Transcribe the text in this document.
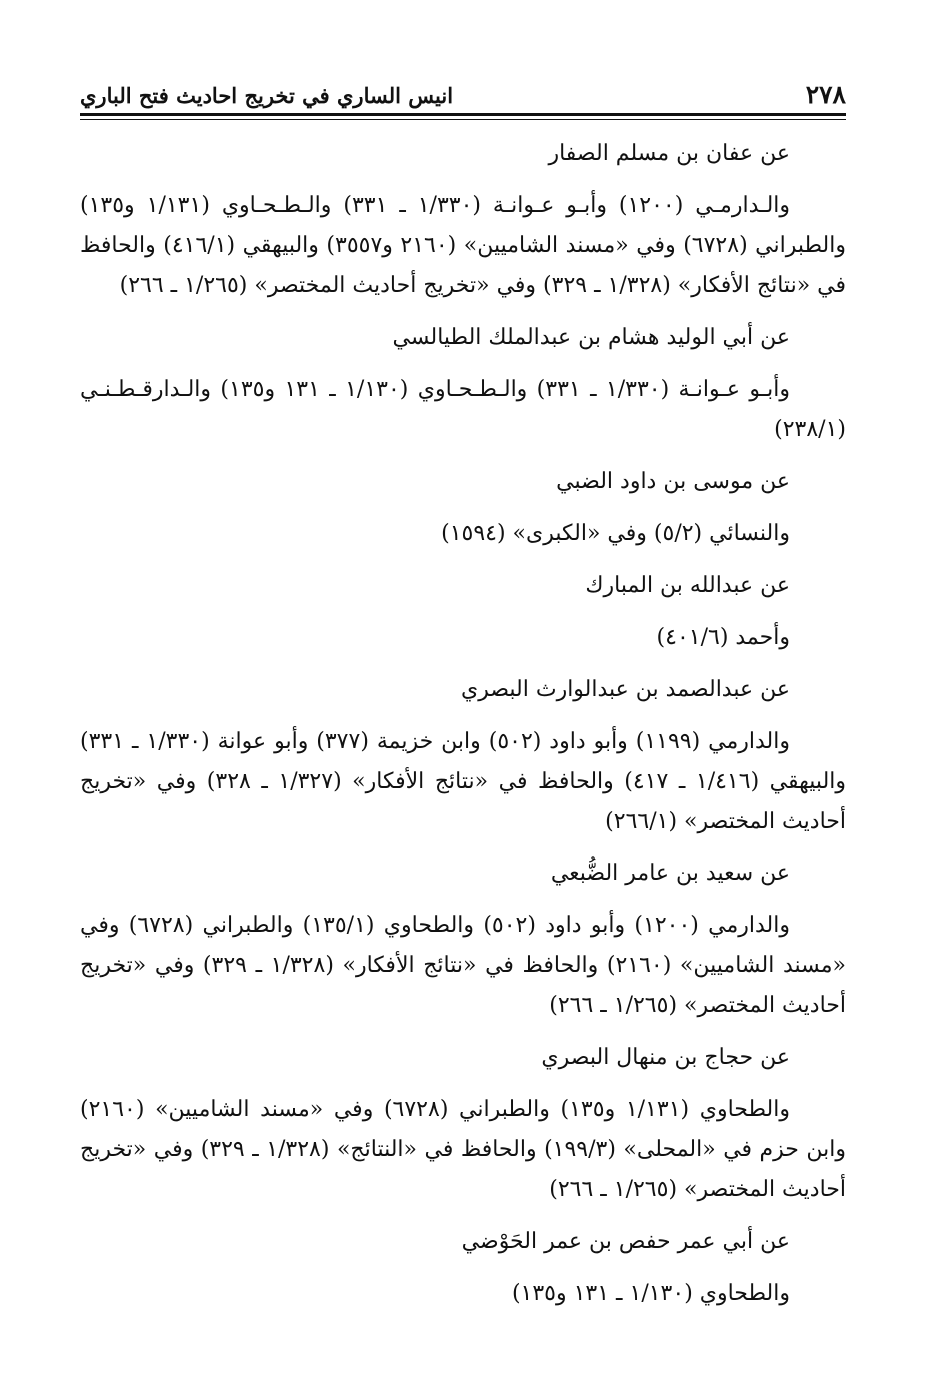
٢٧٨
انيس الساري في تخريج احاديث فتح الباري

عن عفان بن مسلم الصفار

والـدارمـي (١٢٠٠) وأبـو عـوانـة (١/٣٣٠ ـ ٣٣١) والـطـحـاوي (١/١٣١ و١٣٥) والطبراني (٦٧٢٨) وفي «مسند الشاميين» (٢١٦٠ و٣٥٥٧) والبيهقي (٤١٦/١) والحافظ في «نتائج الأفكار» (١/٣٢٨ ـ ٣٢٩) وفي «تخريج أحاديث المختصر» (١/٢٦٥ ـ ٢٦٦)

عن أبي الوليد هشام بن عبدالملك الطيالسي

وأبـو عـوانـة (١/٣٣٠ ـ ٣٣١) والـطـحـاوي (١/١٣٠ ـ ١٣١ و١٣٥) والـدارقـطـنـي (٢٣٨/١)

عن موسى بن داود الضبي

والنسائي (٥/٢) وفي «الكبرى» (١٥٩٤)

عن عبدالله بن المبارك

وأحمد (٤٠١/٦)

عن عبدالصمد بن عبدالوارث البصري

والدارمي (١١٩٩) وأبو داود (٥٠٢) وابن خزيمة (٣٧٧) وأبو عوانة (١/٣٣٠ ـ ٣٣١) والبيهقي (١/٤١٦ ـ ٤١٧) والحافظ في «نتائج الأفكار» (١/٣٢٧ ـ ٣٢٨) وفي «تخريج أحاديث المختصر» (٢٦٦/١)

عن سعيد بن عامر الضُّبعي

والدارمي (١٢٠٠) وأبو داود (٥٠٢) والطحاوي (١٣٥/١) والطبراني (٦٧٢٨) وفي «مسند الشاميين» (٢١٦٠) والحافظ في «نتائج الأفكار» (١/٣٢٨ ـ ٣٢٩) وفي «تخريج أحاديث المختصر» (١/٢٦٥ ـ ٢٦٦)

عن حجاج بن منهال البصري

والطحاوي (١/١٣١ و١٣٥) والطبراني (٦٧٢٨) وفي «مسند الشاميين» (٢١٦٠) وابن حزم في «المحلى» (١٩٩/٣) والحافظ في «النتائج» (١/٣٢٨ ـ ٣٢٩) وفي «تخريج أحاديث المختصر» (١/٢٦٥ ـ ٢٦٦)

عن أبي عمر حفص بن عمر الحَوْضي

والطحاوي (١/١٣٠ ـ ١٣١ و١٣٥)
